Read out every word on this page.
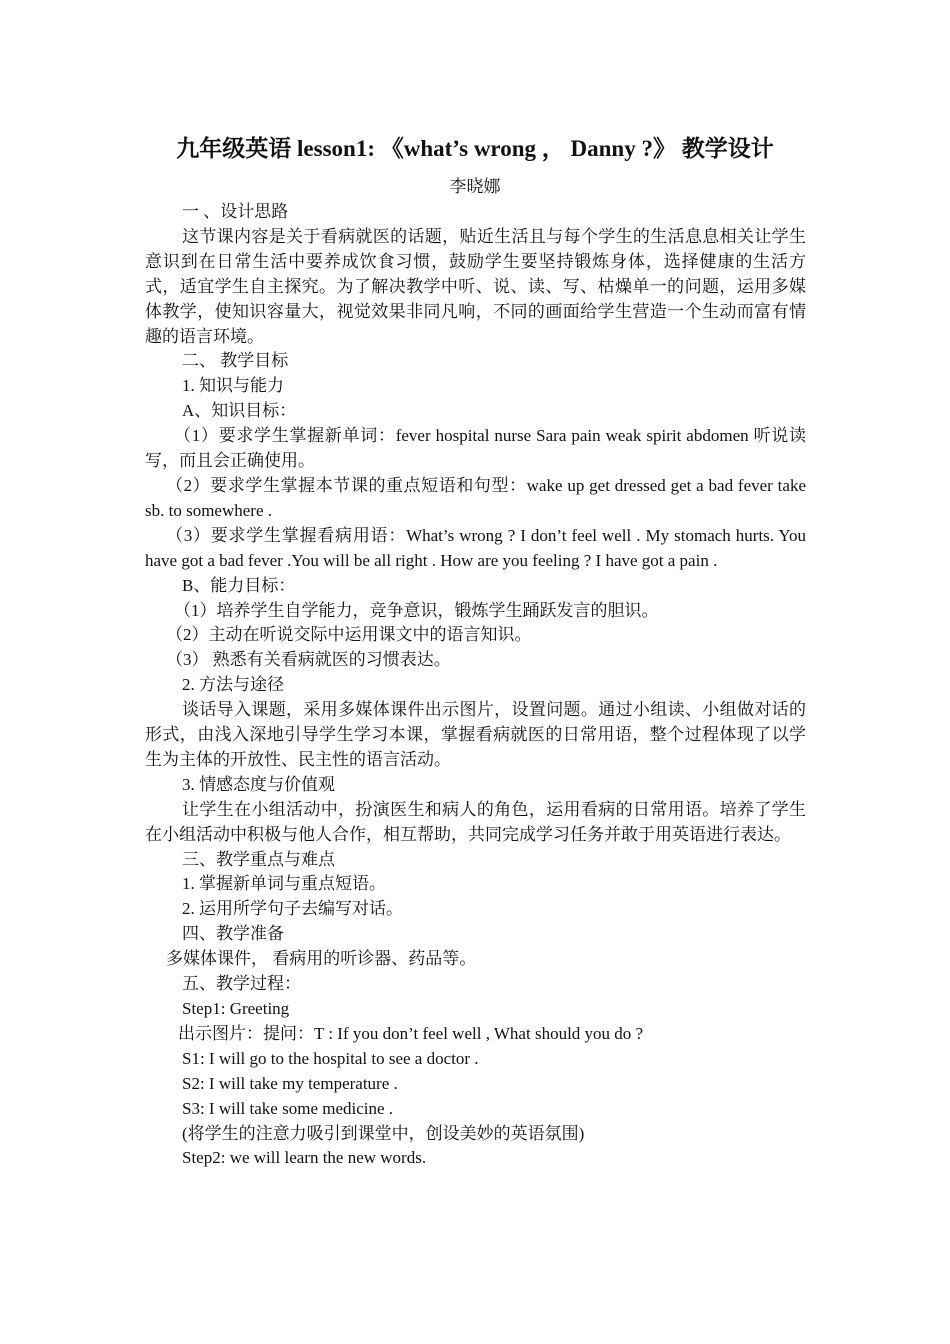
九年级英语 lesson1: 《what’s wrong ， Danny ?》 教学设计
李晓娜

一 、设计思路

这节课内容是关于看病就医的话题，贴近生活且与每个学生的生活息息相关让学生意识到在日常生活中要养成饮食习惯，鼓励学生要坚持锻炼身体，选择健康的生活方式，适宜学生自主探究。为了解决教学中听、说、读、写、枯燥单一的问题，运用多媒体教学，使知识容量大，视觉效果非同凡响，不同的画面给学生营造一个生动而富有情趣的语言环境。

二、 教学目标

1. 知识与能力

A、知识目标：

（1）要求学生掌握新单词：fever hospital nurse Sara pain weak spirit abdomen 听说读写，而且会正确使用。

（2）要求学生掌握本节课的重点短语和句型：wake up get dressed get a bad fever take sb. to somewhere .

（3）要求学生掌握看病用语：What’s wrong ? I don’t feel well . My stomach hurts. You have got a bad fever .You will be all right . How are you feeling ? I have got a pain .

B、能力目标：

（1）培养学生自学能力，竞争意识，锻炼学生踊跃发言的胆识。

（2）主动在听说交际中运用课文中的语言知识。

（3） 熟悉有关看病就医的习惯表达。

2. 方法与途径

谈话导入课题，采用多媒体课件出示图片，设置问题。通过小组读、小组做对话的形式，由浅入深地引导学生学习本课，掌握看病就医的日常用语，整个过程体现了以学生为主体的开放性、民主性的语言活动。

3. 情感态度与价值观

让学生在小组活动中，扮演医生和病人的角色，运用看病的日常用语。培养了学生在小组活动中积极与他人合作，相互帮助，共同完成学习任务并敢于用英语进行表达。

三、教学重点与难点

1. 掌握新单词与重点短语。

2. 运用所学句子去编写对话。

四、教学准备

多媒体课件， 看病用的听诊器、药品等。

五、教学过程：

Step1: Greeting

出示图片：提问：T : If you don’t feel well , What should you do ?

S1: I will go to the hospital to see a doctor .

S2: I will take my temperature .

S3: I will take some medicine .

(将学生的注意力吸引到课堂中，创设美妙的英语氛围)

Step2: we will learn the new words.
